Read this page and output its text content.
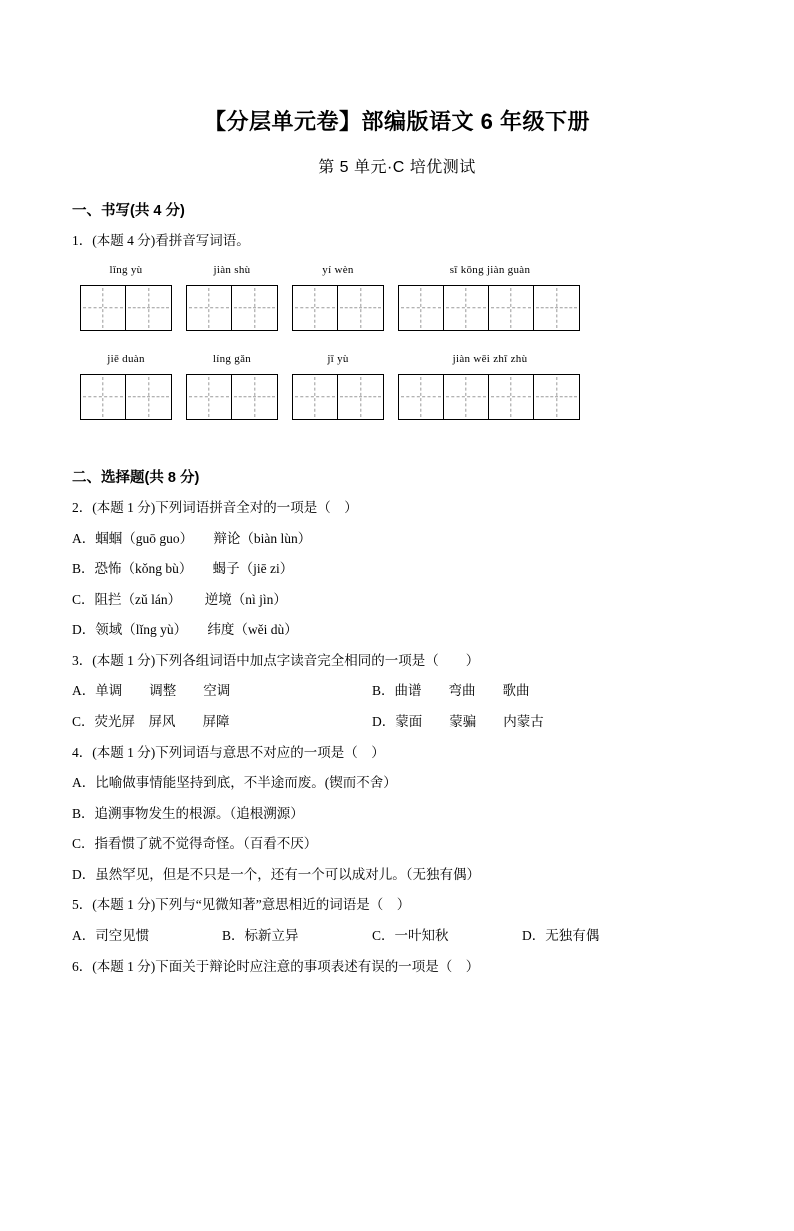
【分层单元卷】部编版语文 6 年级下册
第 5 单元·C 培优测试
一、书写(共 4 分)
1．(本题 4 分)看拼音写词语。
lǐng yù	jiàn shù	yí wèn	sī kōng jiàn guàn
jiē duàn	líng gǎn	jī yù	jiàn wēi zhī zhù
二、选择题(共 8 分)
2．(本题 1 分)下列词语拼音全对的一项是（　）
A．蝈蝈（guō guo）　　辩论（biàn lùn）
B．恐怖（kǒng bù）　　蝎子（jiē zi）
C．阻拦（zǔ lán）　　 逆境（nì jìn）
D．领域（lǐng yù）　　纬度（wěi dù）
3．(本题 1 分)下列各组词语中加点字读音完全相同的一项是（　　）
A．单调　　调整　　空调	B．曲谱　　弯曲　　歌曲
C．荧光屏　屏风　　屏障	D．蒙面　　蒙骗　　内蒙古
4．(本题 1 分)下列词语与意思不对应的一项是（　）
A．比喻做事情能坚持到底，不半途而废。(锲而不舍）
B．追溯事物发生的根源。（追根溯源）
C．指看惯了就不觉得奇怪。（百看不厌）
D．虽然罕见，但是不只是一个，还有一个可以成对儿。（无独有偶）
5．(本题 1 分)下列与“见微知著”意思相近的词语是（　）
A．司空见惯	B．标新立异	C．一叶知秋	D．无独有偶
6．(本题 1 分)下面关于辩论时应注意的事项表述有误的一项是（　）
